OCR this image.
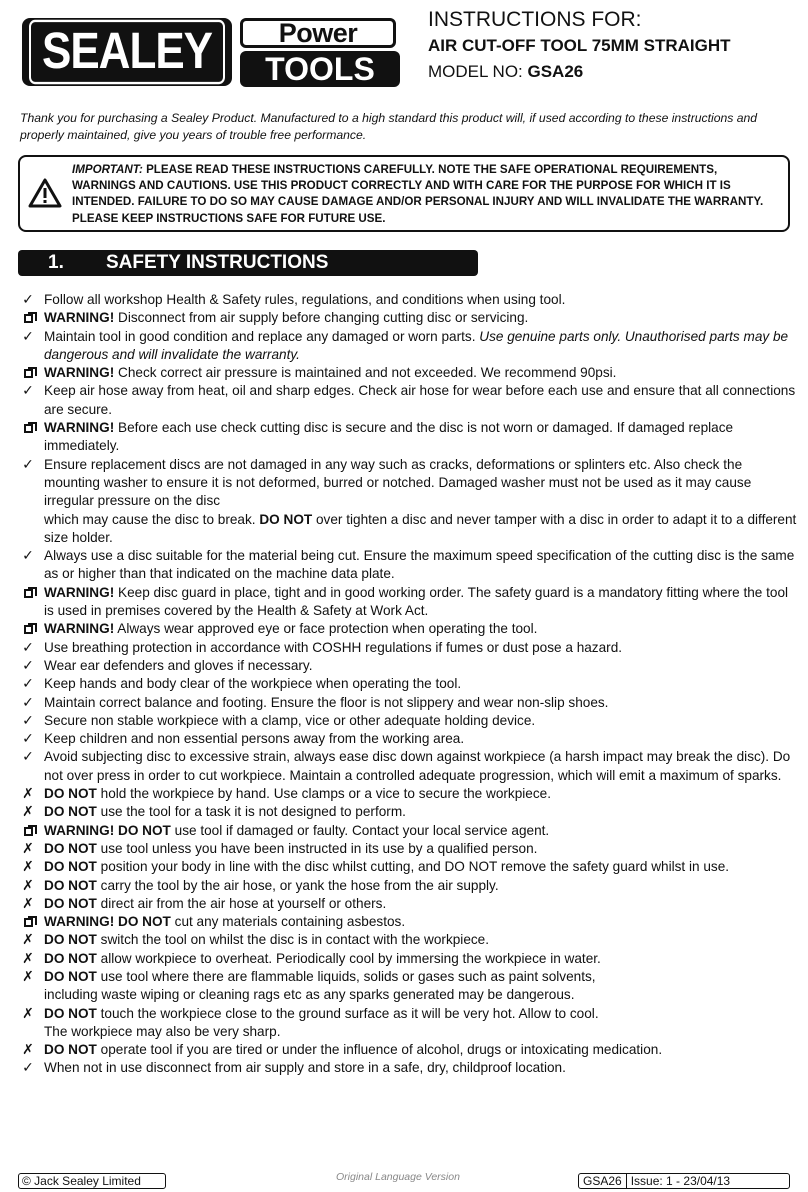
SEALEY	Power
TOOLS
INSTRUCTIONS FOR:
AIR CUT-OFF TOOL 75MM STRAIGHT
MODEL NO: GSA26
Thank you for purchasing a Sealey Product. Manufactured to a high standard this product will, if used according to these instructions and properly maintained, give you years of trouble free performance.
IMPORTANT: PLEASE READ THESE INSTRUCTIONS CAREFULLY. NOTE THE SAFE OPERATIONAL REQUIREMENTS, WARNINGS AND CAUTIONS. USE THIS PRODUCT CORRECTLY AND WITH CARE FOR THE PURPOSE FOR WHICH IT IS INTENDED. FAILURE TO DO SO MAY CAUSE DAMAGE AND/OR PERSONAL INJURY AND WILL INVALIDATE THE WARRANTY. PLEASE KEEP INSTRUCTIONS SAFE FOR FUTURE USE.
1. SAFETY INSTRUCTIONS
✓ Follow all workshop Health & Safety rules, regulations, and conditions when using tool.
WARNING! Disconnect from air supply before changing cutting disc or servicing.
✓ Maintain tool in good condition and replace any damaged or worn parts. Use genuine parts only. Unauthorised parts may be dangerous and will invalidate the warranty.
WARNING! Check correct air pressure is maintained and not exceeded. We recommend 90psi.
✓ Keep air hose away from heat, oil and sharp edges. Check air hose for wear before each use and ensure that all connections are secure.
WARNING! Before each use check cutting disc is secure and the disc is not worn or damaged. If damaged replace immediately.
✓ Ensure replacement discs are not damaged in any way such as cracks, deformations or splinters etc. Also check the mounting washer to ensure it is not deformed, burred or notched. Damaged washer must not be used as it may cause irregular pressure on the disc
which may cause the disc to break. DO NOT over tighten a disc and never tamper with a disc in order to adapt it to a different size holder.
✓ Always use a disc suitable for the material being cut. Ensure the maximum speed specification of the cutting disc is the same as or higher than that indicated on the machine data plate.
WARNING! Keep disc guard in place, tight and in good working order. The safety guard is a mandatory fitting where the tool is used in premises covered by the Health & Safety at Work Act.
WARNING! Always wear approved eye or face protection when operating the tool.
✓ Use breathing protection in accordance with COSHH regulations if fumes or dust pose a hazard.
✓ Wear ear defenders and gloves if necessary.
✓ Keep hands and body clear of the workpiece when operating the tool.
✓ Maintain correct balance and footing. Ensure the floor is not slippery and wear non-slip shoes.
✓ Secure non stable workpiece with a clamp, vice or other adequate holding device.
✓ Keep children and non essential persons away from the working area.
✓ Avoid subjecting disc to excessive strain, always ease disc down against workpiece (a harsh impact may break the disc). Do not over press in order to cut workpiece. Maintain a controlled adequate progression, which will emit a maximum of sparks.
✗ DO NOT hold the workpiece by hand. Use clamps or a vice to secure the workpiece.
✗ DO NOT use the tool for a task it is not designed to perform.
WARNING! DO NOT use tool if damaged or faulty. Contact your local service agent.
✗ DO NOT use tool unless you have been instructed in its use by a qualified person.
✗ DO NOT position your body in line with the disc whilst cutting, and DO NOT remove the safety guard whilst in use.
✗ DO NOT carry the tool by the air hose, or yank the hose from the air supply.
✗ DO NOT direct air from the air hose at yourself or others.
WARNING! DO NOT cut any materials containing asbestos.
✗ DO NOT switch the tool on whilst the disc is in contact with the workpiece.
✗ DO NOT allow workpiece to overheat. Periodically cool by immersing the workpiece in water.
✗ DO NOT use tool where there are flammable liquids, solids or gases such as paint solvents,
including waste wiping or cleaning rags etc as any sparks generated may be dangerous.
✗ DO NOT touch the workpiece close to the ground surface as it will be very hot. Allow to cool.
The workpiece may also be very sharp.
✗ DO NOT operate tool if you are tired or under the influence of alcohol, drugs or intoxicating medication.
✓ When not in use disconnect from air supply and store in a safe, dry, childproof location.
© Jack Sealey Limited	Original Language Version	GSA26 Issue: 1 - 23/04/13
